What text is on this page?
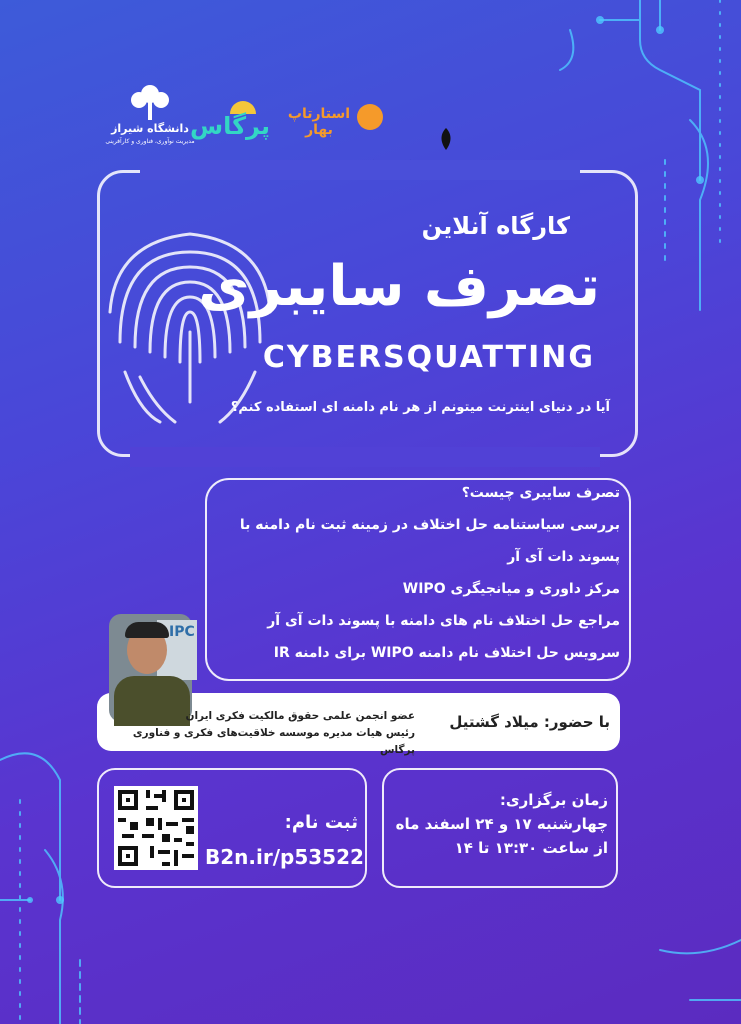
دانشگاه شیراز
مدیریت نوآوری، فناوری و کارآفرینی
پرگاس استارتاپ بهار
کارگاه آنلاین
تصرف سایبری
CYBERSQUATTING
آیا در دنیای اینترنت میتونم از هر نام دامنه ای استفاده کنم؟
تصرف سایبری چیست؟
بررسی سیاستنامه حل اختلاف در زمینه ثبت نام دامنه با
پسوند دات آی آر
مرکز داوری و میانجیگری WIPO
مراجع حل اختلاف نام های دامنه با پسوند دات آی آر
سرویس حل اختلاف نام دامنه WIPO برای دامنه IR
IPC
با حضور: میلاد گشتیل
عضو انجمن علمی حقوق مالکیت فکری ایران
رئیس هیات مدیره موسسه خلاقیت‌های فکری و فناوری پرگاس
ثبت نام:
B2n.ir/p53522
زمان برگزاری:
چهارشنبه ۱۷ و ۲۴ اسفند ماه
از ساعت ۱۳:۳۰ تا ۱۴
